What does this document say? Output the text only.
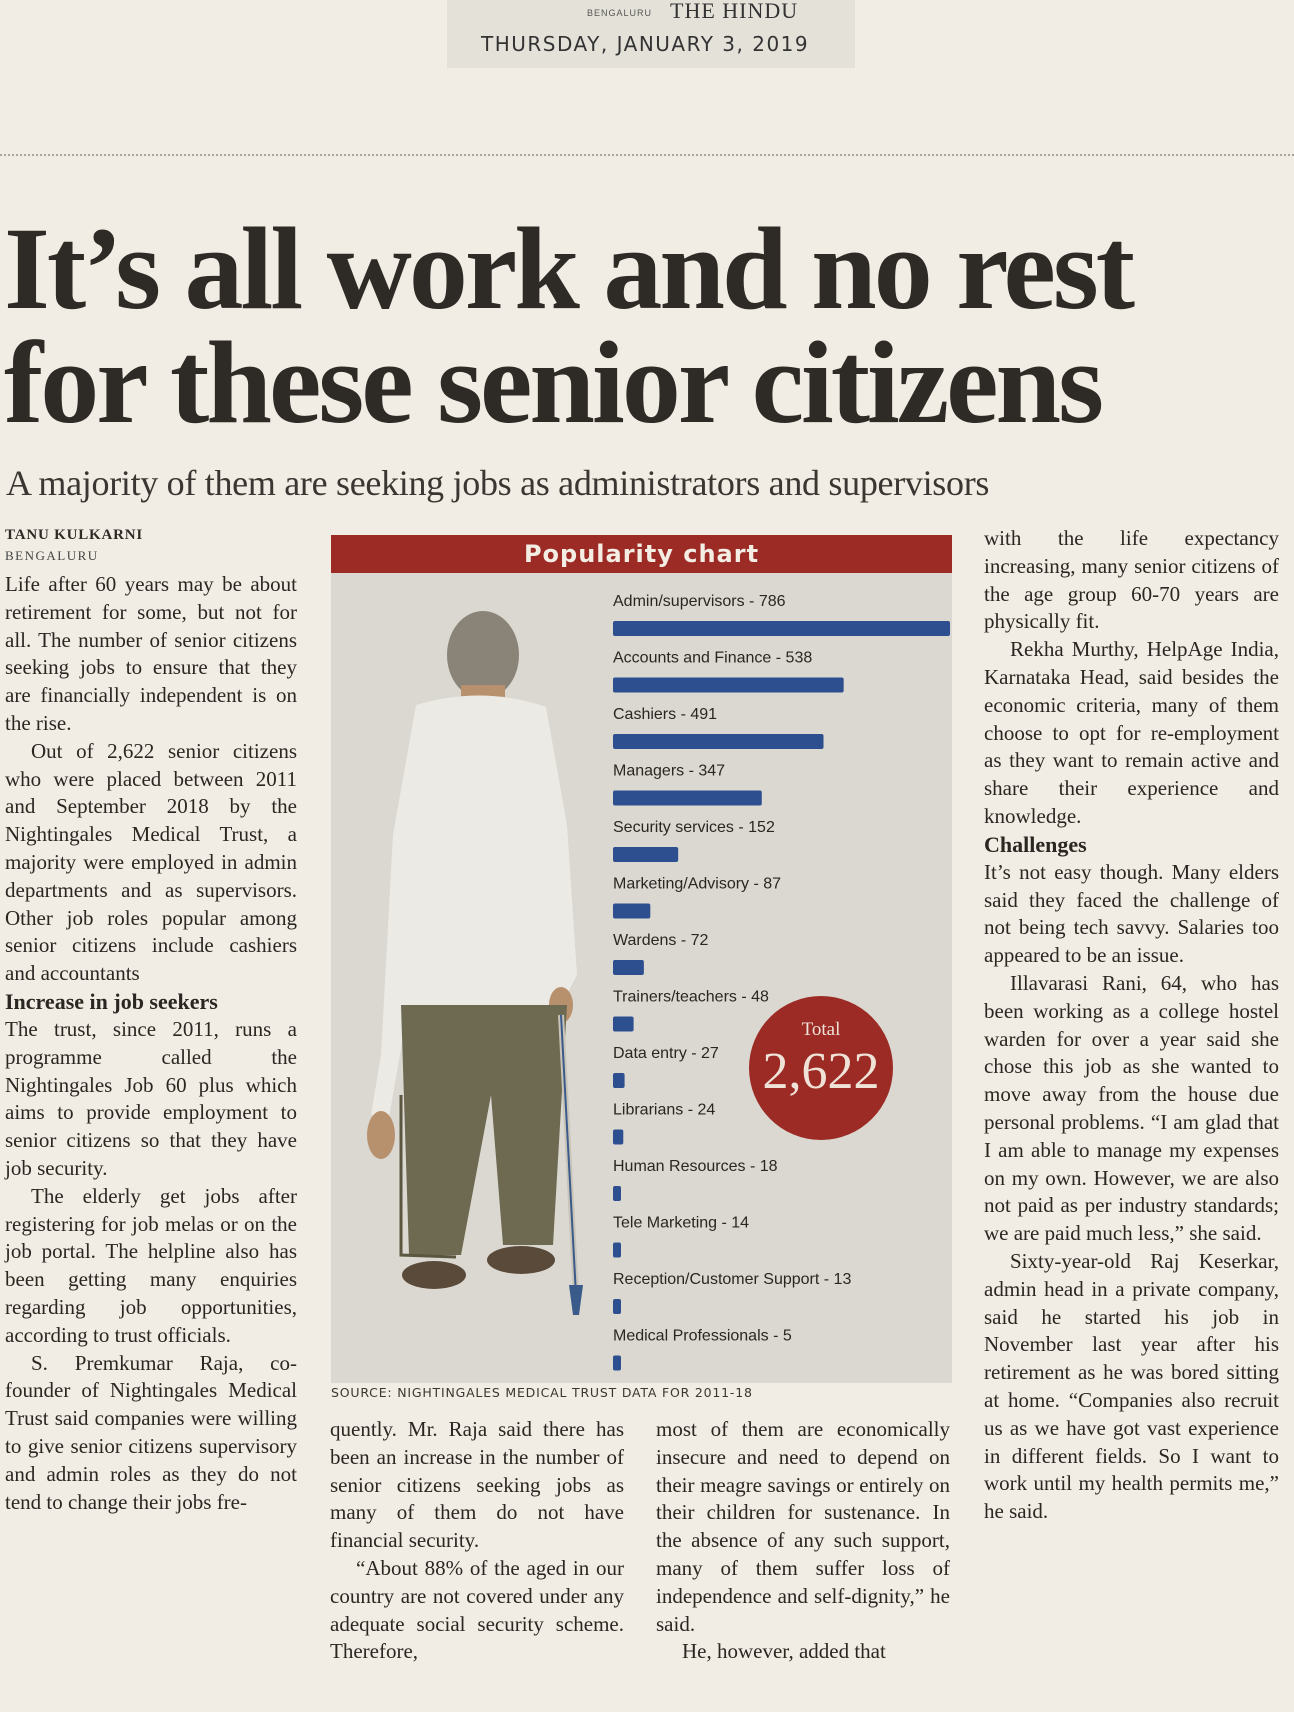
BENGALURU THE HINDU
THURSDAY, JANUARY 3, 2019
It’s all work and no rest
for these senior citizens
A majority of them are seeking jobs as administrators and supervisors
TANU KULKARNI
BENGALURU

Life after 60 years may be about retirement for some, but not for all. The number of senior citizens seeking jobs to ensure that they are financially independent is on the rise.

Out of 2,622 senior citizens who were placed between 2011 and September 2018 by the Nightingales Medical Trust, a majority were employed in admin departments and as supervisors. Other job roles popular among senior citizens include cashiers and accountants

Increase in job seekers

The trust, since 2011, runs a programme called the Nightingales Job 60 plus which aims to provide employment to senior citizens so that they have job security.

The elderly get jobs after registering for job melas or on the job portal. The helpline also has been getting many enquiries regarding job opportunities, according to trust officials.

S. Premkumar Raja, co-founder of Nightingales Medical Trust said companies were willing to give senior citizens supervisory and admin roles as they do not tend to change their jobs fre-

Popularity chart
Admin/supervisors - 786
Accounts and Finance - 538
Cashiers - 491
Managers - 347
Security services - 152
Marketing/Advisory - 87
Wardens - 72
Trainers/teachers - 48
Data entry - 27
Librarians - 24
Human Resources - 18
Tele Marketing - 14
Reception/Customer Support - 13
Medical Professionals - 5
Total
2,622
SOURCE: NIGHTINGALES MEDICAL TRUST DATA FOR 2011-18

quently. Mr. Raja said there has been an increase in the number of senior citizens seeking jobs as many of them do not have financial security.

“About 88% of the aged in our country are not covered under any adequate social security scheme. Therefore,

most of them are economically insecure and need to depend on their meagre savings or entirely on their children for sustenance. In the absence of any such support, many of them suffer loss of independence and self-dignity,” he said.

He, however, added that

with the life expectancy increasing, many senior citizens of the age group 60-70 years are physically fit.

Rekha Murthy, HelpAge India, Karnataka Head, said besides the economic criteria, many of them choose to opt for re-employment as they want to remain active and share their experience and knowledge.

Challenges

It’s not easy though. Many elders said they faced the challenge of not being tech savvy. Salaries too appeared to be an issue.

Illavarasi Rani, 64, who has been working as a college hostel warden for over a year said she chose this job as she wanted to move away from the house due personal problems. “I am glad that I am able to manage my expenses on my own. However, we are also not paid as per industry standards; we are paid much less,” she said.

Sixty-year-old Raj Keserkar, admin head in a private company, said he started his job in November last year after his retirement as he was bored sitting at home. “Companies also recruit us as we have got vast experience in different fields. So I want to work until my health permits me,” he said.
